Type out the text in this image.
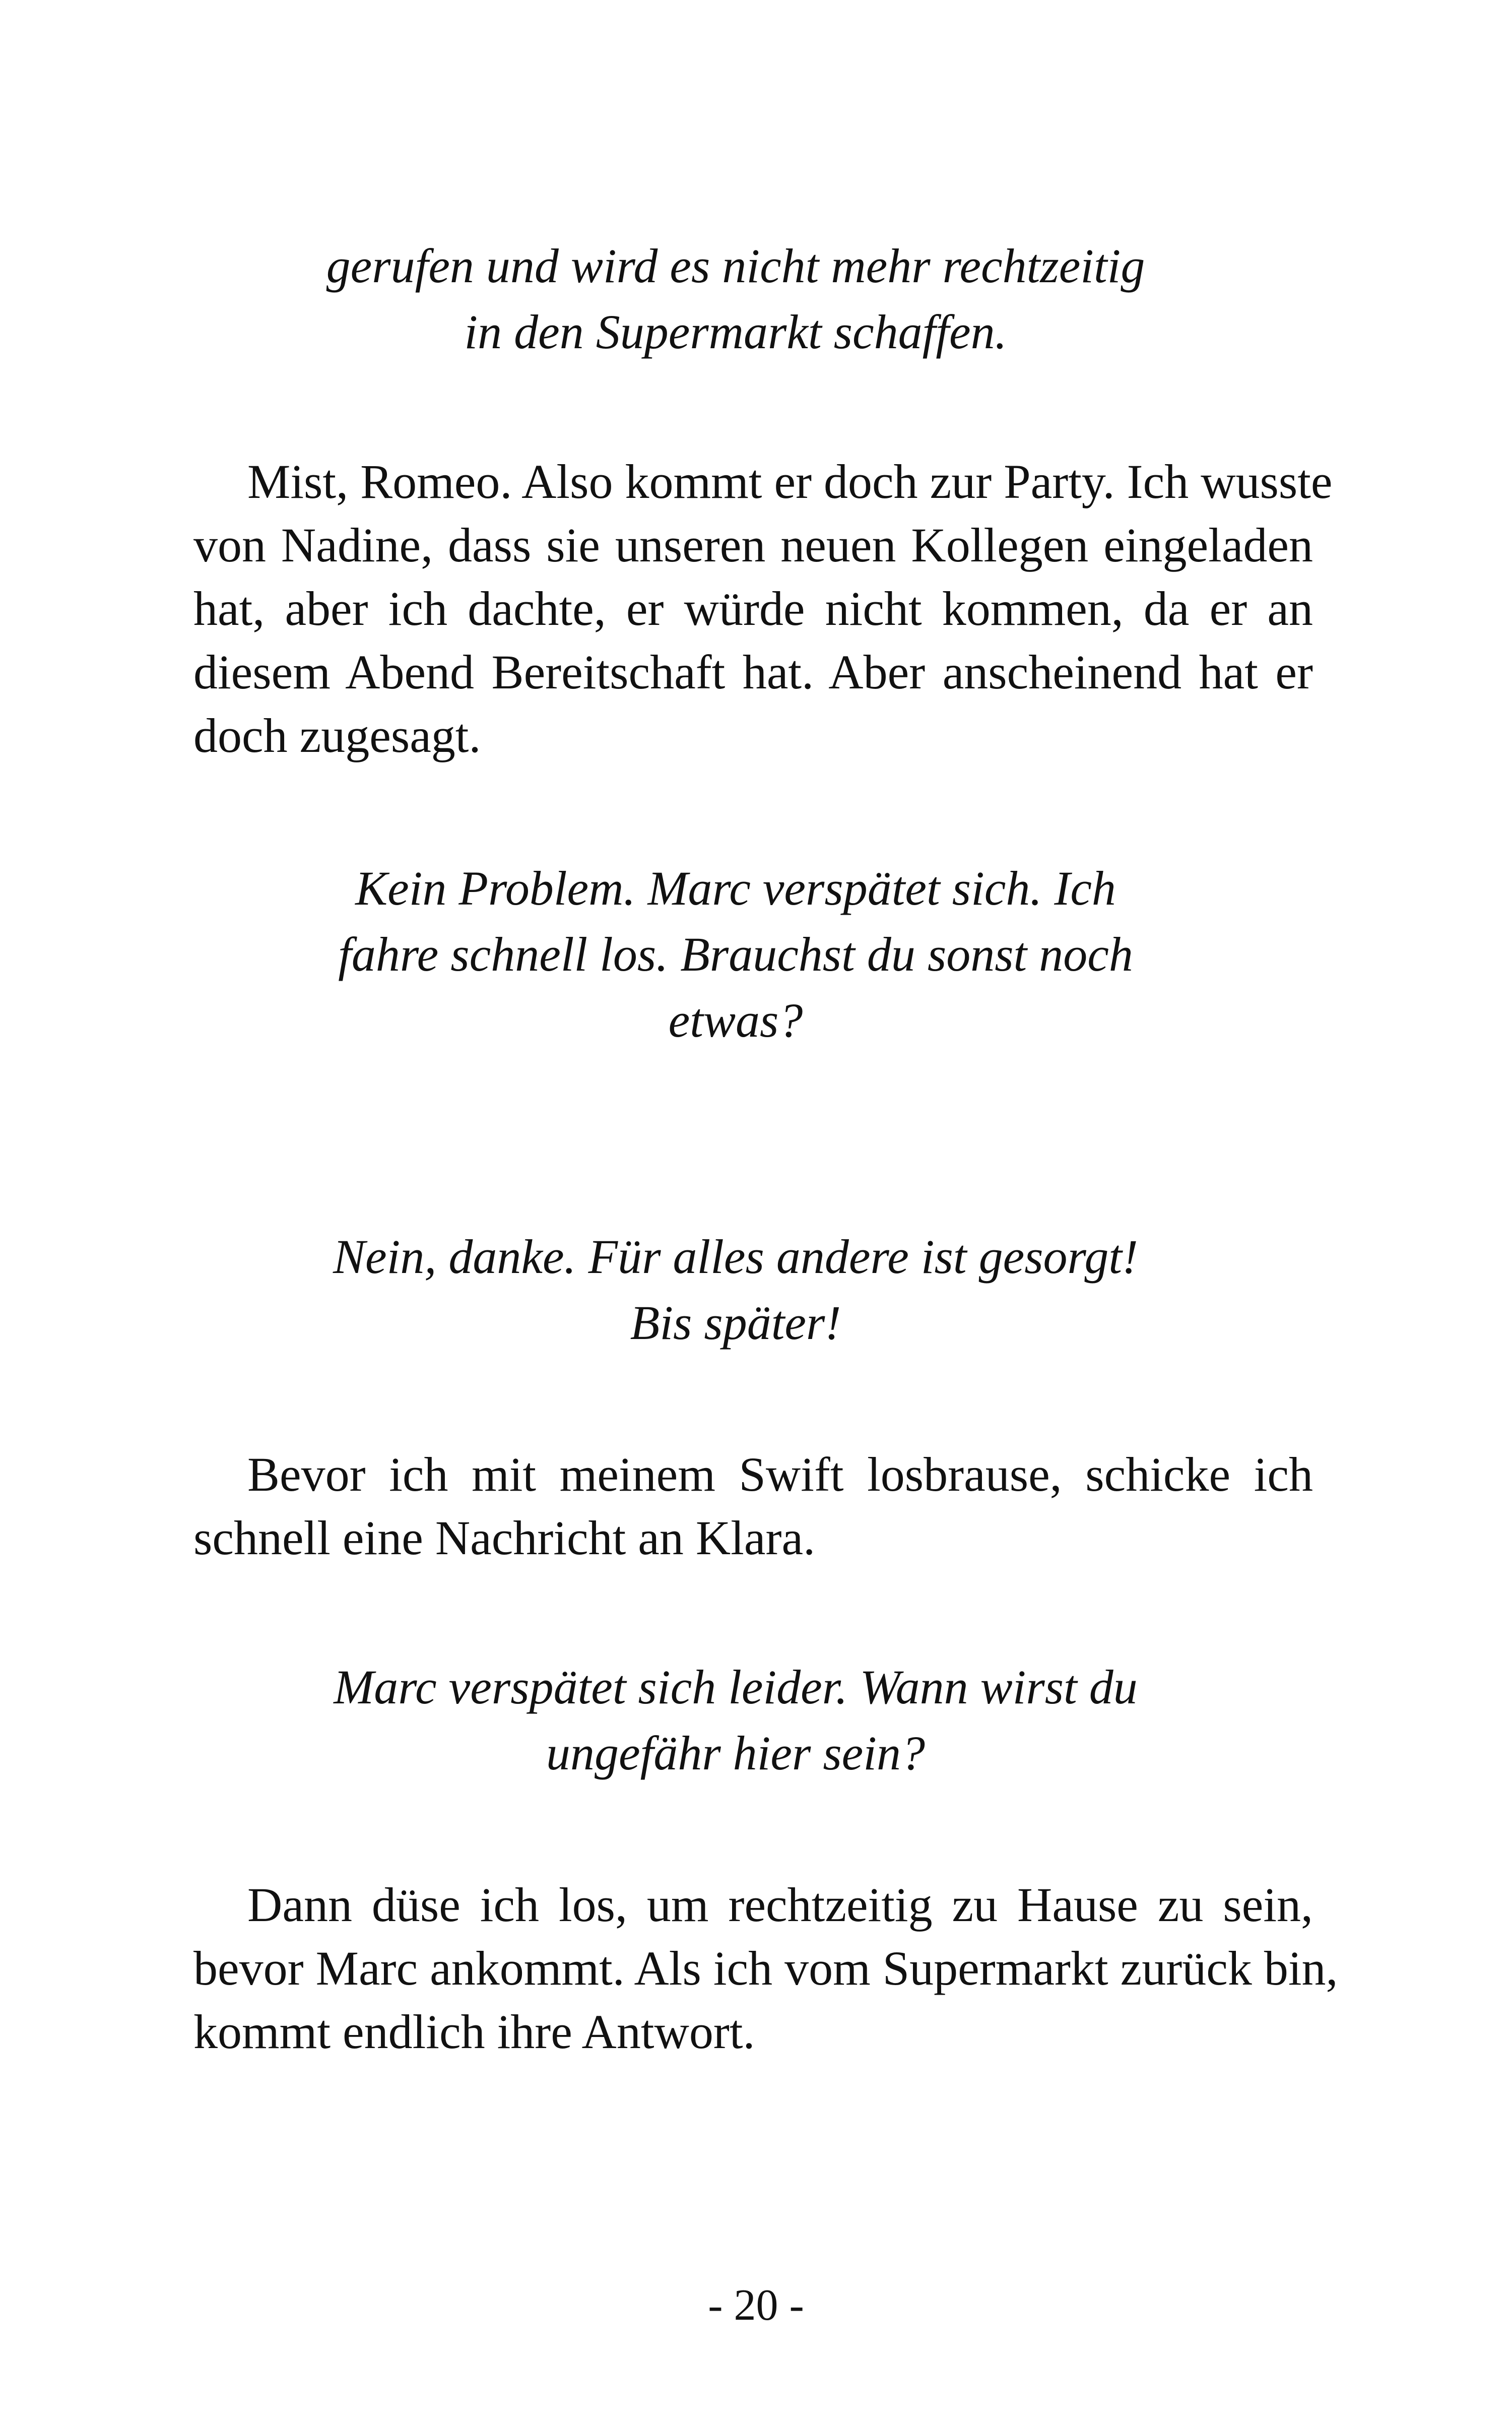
gerufen und wird es nicht mehr rechtzeitig
in den Supermarkt schaffen.
Mist, Romeo. Also kommt er doch zur Party. Ich wusste
von Nadine, dass sie unseren neuen Kollegen eingeladen
hat, aber ich dachte, er würde nicht kommen, da er an
diesem Abend Bereitschaft hat. Aber anscheinend hat er
doch zugesagt.
Kein Problem. Marc verspätet sich. Ich
fahre schnell los. Brauchst du sonst noch
etwas?
Nein, danke. Für alles andere ist gesorgt!
Bis später!
Bevor ich mit meinem Swift losbrause, schicke ich
schnell eine Nachricht an Klara.
Marc verspätet sich leider. Wann wirst du
ungefähr hier sein?
Dann düse ich los, um rechtzeitig zu Hause zu sein,
bevor Marc ankommt. Als ich vom Supermarkt zurück bin,
kommt endlich ihre Antwort.
- 20 -
